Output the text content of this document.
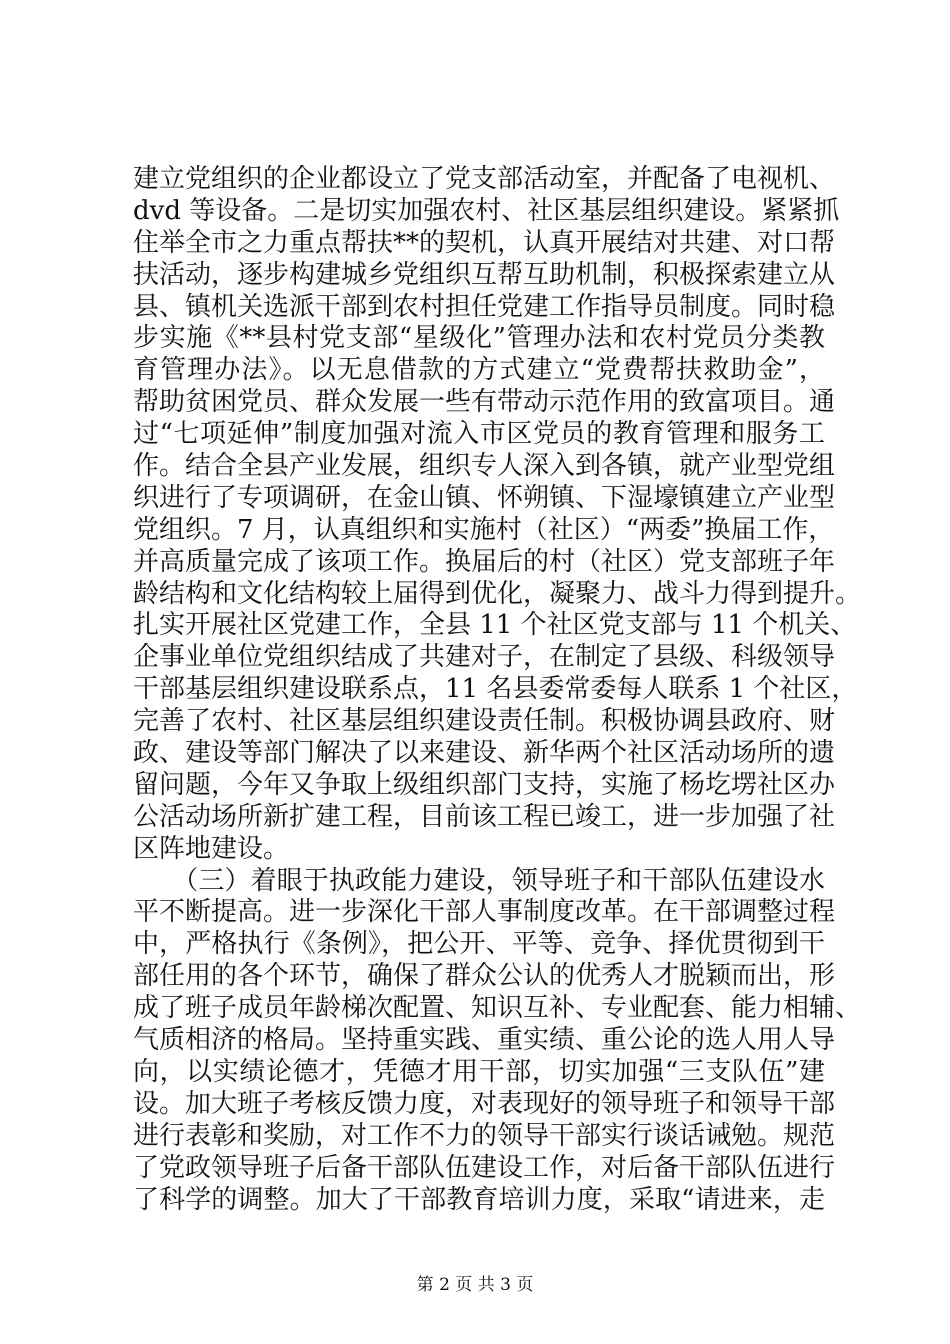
建立党组织的企业都设立了党支部活动室，并配备了电视机、
dvd 等设备。二是切实加强农村、社区基层组织建设。紧紧抓
住举全市之力重点帮扶**的契机，认真开展结对共建、对口帮
扶活动，逐步构建城乡党组织互帮互助机制，积极探索建立从
县、镇机关选派干部到农村担任党建工作指导员制度。同时稳
步实施《**县村党支部“星级化”管理办法和农村党员分类教
育管理办法》。以无息借款的方式建立“党费帮扶救助金”，
帮助贫困党员、群众发展一些有带动示范作用的致富项目。通
过“七项延伸”制度加强对流入市区党员的教育管理和服务工
作。结合全县产业发展，组织专人深入到各镇，就产业型党组
织进行了专项调研，在金山镇、怀朔镇、下湿壕镇建立产业型
党组织。7 月，认真组织和实施村（社区）“两委”换届工作，
并高质量完成了该项工作。换届后的村（社区）党支部班子年
龄结构和文化结构较上届得到优化，凝聚力、战斗力得到提升。
扎实开展社区党建工作，全县 11 个社区党支部与 11 个机关、
企事业单位党组织结成了共建对子，在制定了县级、科级领导
干部基层组织建设联系点，11 名县委常委每人联系 1 个社区，
完善了农村、社区基层组织建设责任制。积极协调县政府、财
政、建设等部门解决了以来建设、新华两个社区活动场所的遗
留问题，今年又争取上级组织部门支持，实施了杨圪塄社区办
公活动场所新扩建工程，目前该工程已竣工，进一步加强了社
区阵地建设。
　　（三）着眼于执政能力建设，领导班子和干部队伍建设水
平不断提高。进一步深化干部人事制度改革。在干部调整过程
中，严格执行《条例》，把公开、平等、竞争、择优贯彻到干
部任用的各个环节，确保了群众公认的优秀人才脱颖而出，形
成了班子成员年龄梯次配置、知识互补、专业配套、能力相辅、
气质相济的格局。坚持重实践、重实绩、重公论的选人用人导
向，以实绩论德才，凭德才用干部，切实加强“三支队伍”建
设。加大班子考核反馈力度，对表现好的领导班子和领导干部
进行表彰和奖励，对工作不力的领导干部实行谈话诫勉。规范
了党政领导班子后备干部队伍建设工作，对后备干部队伍进行
了科学的调整。加大了干部教育培训力度，采取“请进来，走
第 2 页 共 3 页
